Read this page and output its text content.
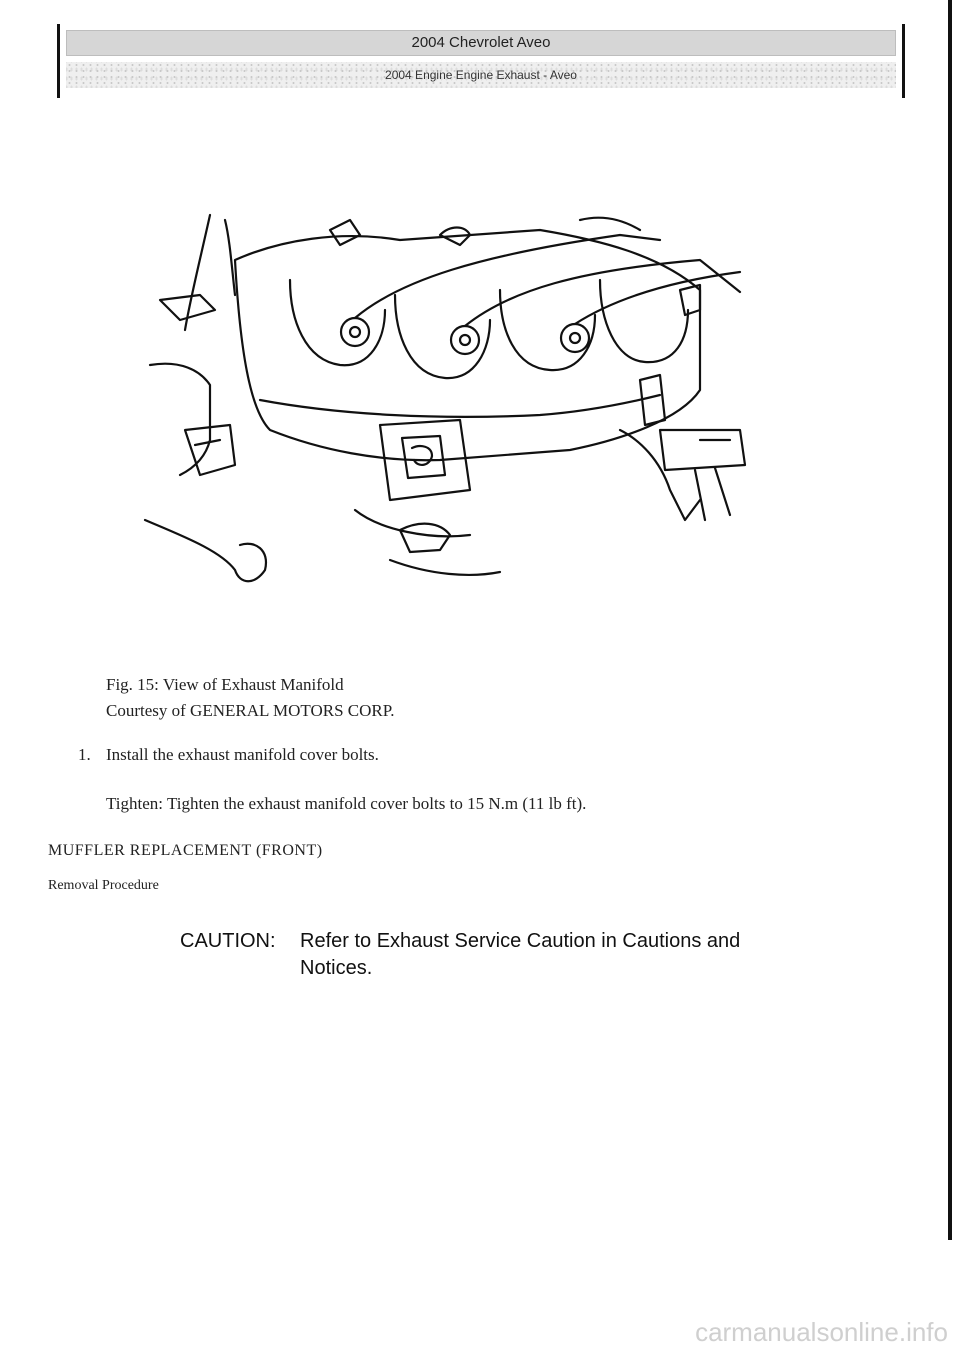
2004 Chevrolet Aveo
2004 Engine Engine Exhaust - Aveo
Fig. 15: View of Exhaust Manifold
Courtesy of GENERAL MOTORS CORP.
1. Install the exhaust manifold cover bolts.
Tighten: Tighten the exhaust manifold cover bolts to 15 N.m (11 lb ft).
MUFFLER REPLACEMENT (FRONT)
Removal Procedure
CAUTION: Refer to Exhaust Service Caution in Cautions and
Notices.
carmanualsonline.info
